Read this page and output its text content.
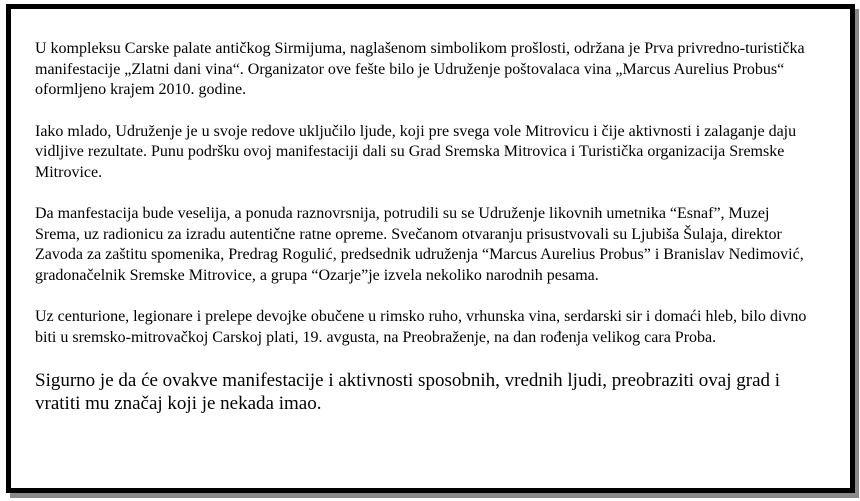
U kompleksu Carske palate antičkog Sirmijuma, naglašenom simbolikom prošlosti, održana je Prva privredno-turistička manifestacije „Zlatni dani vina“. Organizator ove fešte bilo je Udruženje poštovalaca vina „Marcus Aurelius Probus“ oformljeno krajem 2010. godine.

Iako mlado, Udruženje je u svoje redove uključilo ljude, koji pre svega vole Mitrovicu i čije aktivnosti i zalaganje daju vidljive rezultate. Punu podršku ovoj manifestaciji dali su Grad Sremska Mitrovica i Turistička organizacija Sremske Mitrovice.

Da manfestacija bude veselija, a ponuda raznovrsnija, potrudili su se Udruženje likovnih umetnika “Esnaf”, Muzej Srema, uz radionicu za izradu autentične ratne opreme. Svečanom otvaranju prisustvovali su Ljubiša Šulaja, direktor Zavoda za zaštitu spomenika, Predrag Rogulić, predsednik udruženja “Marcus Aurelius Probus” i Branislav Nedimović, gradonačelnik Sremske Mitrovice, a grupa “Ozarje”je izvela nekoliko narodnih pesama.

Uz centurione, legionare i prelepe devojke obučene u rimsko ruho, vrhunska vina, serdarski sir i domaći hleb, bilo divno biti u sremsko-mitrovačkoj Carskoj plati, 19. avgusta, na Preobraženje, na dan rođenja velikog cara Proba.

Sigurno je da će ovakve manifestacije i aktivnosti sposobnih, vrednih ljudi, preobraziti ovaj grad i vratiti mu značaj koji je nekada imao.
